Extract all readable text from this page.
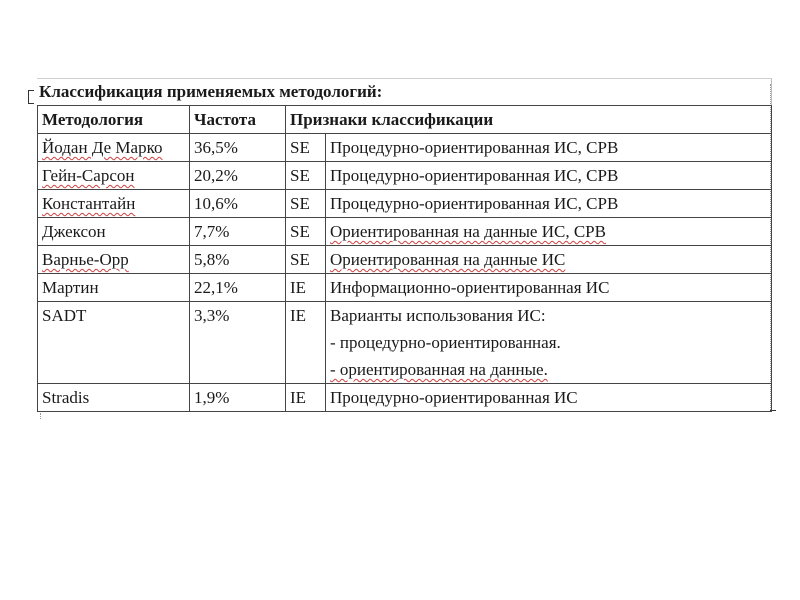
Классификация применяемых методологий:
Методология	Частота	Признаки классификации	
Йодан Де Марко	36,5%	SE	Процедурно-ориентированная ИС, СРВ
Гейн-Сарсон	20,2%	SE	Процедурно-ориентированная ИС, СРВ
Константайн	10,6%	SE	Процедурно-ориентированная ИС, СРВ
Джексон	7,7%	SE	Ориентированная на данные ИС, СРВ
Варнье-Орр	5,8%	SE	Ориентированная на данные ИС
Мартин	22,1%	IE	Информационно-ориентированная ИС
SADT	3,3%	IE	Варианты использования ИС:
- процедурно-ориентированная.
- ориентированная на данные.

Stradis	1,9%	IE	Процедурно-ориентированная ИС
